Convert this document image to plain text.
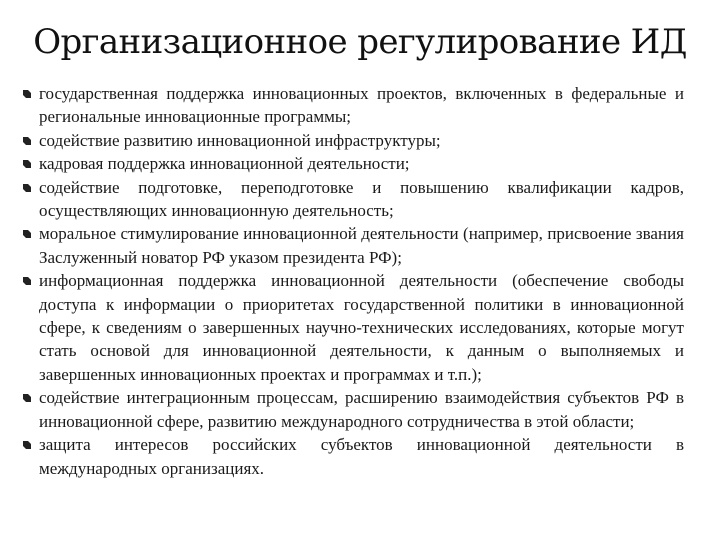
Организационное регулирование ИД
государственная поддержка инновационных проектов, включенных в федеральные и региональные инновационные программы;
содействие развитию инновационной инфраструктуры;
кадровая поддержка инновационной деятельности;
содействие подготовке, переподготовке и повышению квалификации кадров, осуществляющих инновационную деятельность;
моральное стимулирование инновационной деятельности (например, присвоение звания Заслуженный новатор РФ указом президента РФ);
информационная поддержка инновационной деятельности (обеспечение свободы доступа к информации о приоритетах государственной политики в инновационной сфере, к сведениям о завершенных научно-технических исследованиях, которые могут стать основой для инновационной деятельности, к данным о выполняемых и завершенных инновационных проектах и программах и т.п.);
содействие интеграционным процессам, расширению взаимодействия субъектов РФ в инновационной сфере, развитию международного сотрудничества в этой области;
защита интересов российских субъектов инновационной деятельности в международных организациях.
